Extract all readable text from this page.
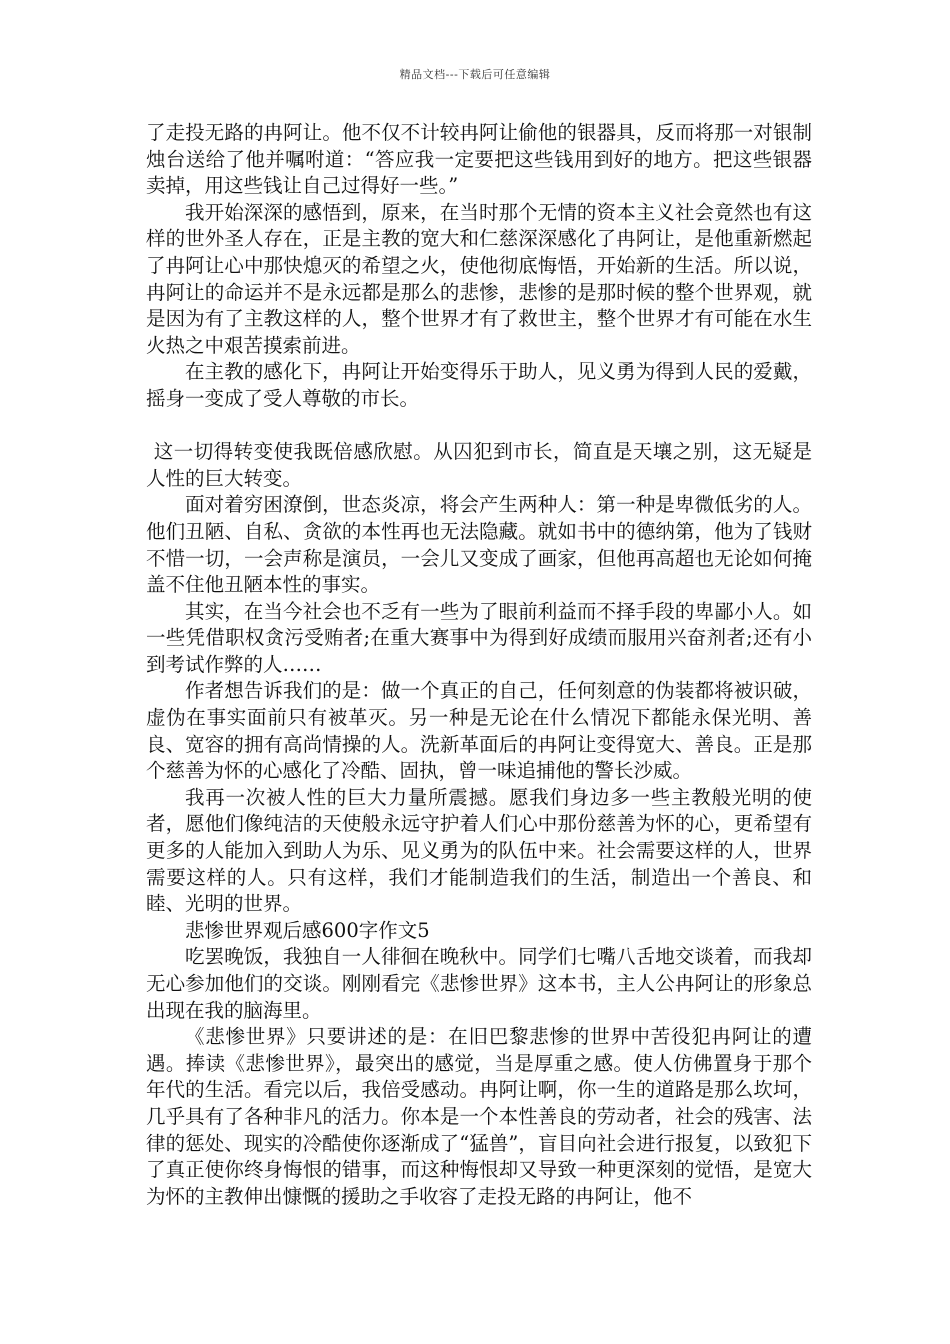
精品文档---下载后可任意编辑

了走投无路的冉阿让。他不仅不计较冉阿让偷他的银器具，反而将那一对银制烛台送给了他并嘱咐道：“答应我一定要把这些钱用到好的地方。把这些银器卖掉，用这些钱让自己过得好一些。”

我开始深深的感悟到，原来，在当时那个无情的资本主义社会竟然也有这样的世外圣人存在，正是主教的宽大和仁慈深深感化了冉阿让，是他重新燃起了冉阿让心中那快熄灭的希望之火，使他彻底悔悟，开始新的生活。所以说，冉阿让的命运并不是永远都是那么的悲惨，悲惨的是那时候的整个世界观，就是因为有了主教这样的人，整个世界才有了救世主，整个世界才有可能在水生火热之中艰苦摸索前进。

在主教的感化下，冉阿让开始变得乐于助人，见义勇为得到人民的爱戴，摇身一变成了受人尊敬的市长。

这一切得转变使我既倍感欣慰。从囚犯到市长，简直是天壤之别，这无疑是人性的巨大转变。

面对着穷困潦倒，世态炎凉，将会产生两种人：第一种是卑微低劣的人。他们丑陋、自私、贪欲的本性再也无法隐藏。就如书中的德纳第，他为了钱财不惜一切，一会声称是演员，一会儿又变成了画家，但他再高超也无论如何掩盖不住他丑陋本性的事实。

其实，在当今社会也不乏有一些为了眼前利益而不择手段的卑鄙小人。如一些凭借职权贪污受贿者;在重大赛事中为得到好成绩而服用兴奋剂者;还有小到考试作弊的人……

作者想告诉我们的是：做一个真正的自己，任何刻意的伪装都将被识破，虚伪在事实面前只有被革灭。另一种是无论在什么情况下都能永保光明、善良、宽容的拥有高尚情操的人。洗新革面后的冉阿让变得宽大、善良。正是那个慈善为怀的心感化了冷酷、固执，曾一味追捕他的警长沙威。

我再一次被人性的巨大力量所震撼。愿我们身边多一些主教般光明的使者，愿他们像纯洁的天使般永远守护着人们心中那份慈善为怀的心，更希望有更多的人能加入到助人为乐、见义勇为的队伍中来。社会需要这样的人，世界需要这样的人。只有这样，我们才能制造我们的生活，制造出一个善良、和睦、光明的世界。

悲惨世界观后感600字作文5

吃罢晚饭，我独自一人徘徊在晚秋中。同学们七嘴八舌地交谈着，而我却无心参加他们的交谈。刚刚看完《悲惨世界》这本书，主人公冉阿让的形象总出现在我的脑海里。

《悲惨世界》只要讲述的是：在旧巴黎悲惨的世界中苦役犯冉阿让的遭遇。捧读《悲惨世界》，最突出的感觉，当是厚重之感。使人仿佛置身于那个年代的生活。看完以后，我倍受感动。冉阿让啊，你一生的道路是那么坎坷，几乎具有了各种非凡的活力。你本是一个本性善良的劳动者，社会的残害、法律的惩处、现实的冷酷使你逐渐成了“猛兽”，盲目向社会进行报复，以致犯下了真正使你终身悔恨的错事，而这种悔恨却又导致一种更深刻的觉悟，是宽大为怀的主教伸出慷慨的援助之手收容了走投无路的冉阿让，他不
